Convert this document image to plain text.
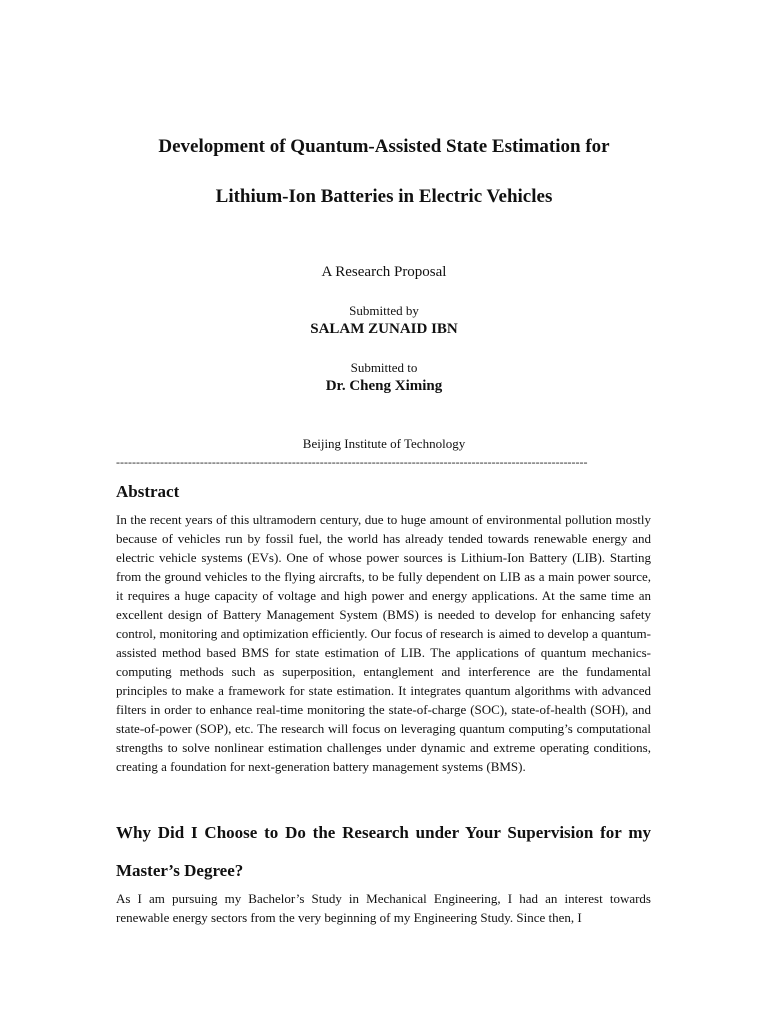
Development of Quantum-Assisted State Estimation for
Lithium-Ion Batteries in Electric Vehicles

A Research Proposal

Submitted by

SALAM ZUNAID IBN

Submitted to

Dr. Cheng Ximing

Beijing Institute of Technology

----------------------------------------------------------------------------------------------------------------------
Abstract

In the recent years of this ultramodern century, due to huge amount of environmental pollution mostly because of vehicles run by fossil fuel, the world has already tended towards renewable energy and electric vehicle systems (EVs). One of whose power sources is Lithium-Ion Battery (LIB). Starting from the ground vehicles to the flying aircrafts, to be fully dependent on LIB as a main power source, it requires a huge capacity of voltage and high power and energy applications. At the same time an excellent design of Battery Management System (BMS) is needed to develop for enhancing safety control, monitoring and optimization efficiently. Our focus of research is aimed to develop a quantum-assisted method based BMS for state estimation of LIB. The applications of quantum mechanics-computing methods such as superposition, entanglement and interference are the fundamental principles to make a framework for state estimation. It integrates quantum algorithms with advanced filters in order to enhance real-time monitoring the state-of-charge (SOC), state-of-health (SOH), and state-of-power (SOP), etc. The research will focus on leveraging quantum computing’s computational strengths to solve nonlinear estimation challenges under dynamic and extreme operating conditions, creating a foundation for next-generation battery management systems (BMS).

Why Did I Choose to Do the Research under Your Supervision for my Master’s Degree?

As I am pursuing my Bachelor’s Study in Mechanical Engineering, I had an interest towards renewable energy sectors from the very beginning of my Engineering Study. Since then, I
